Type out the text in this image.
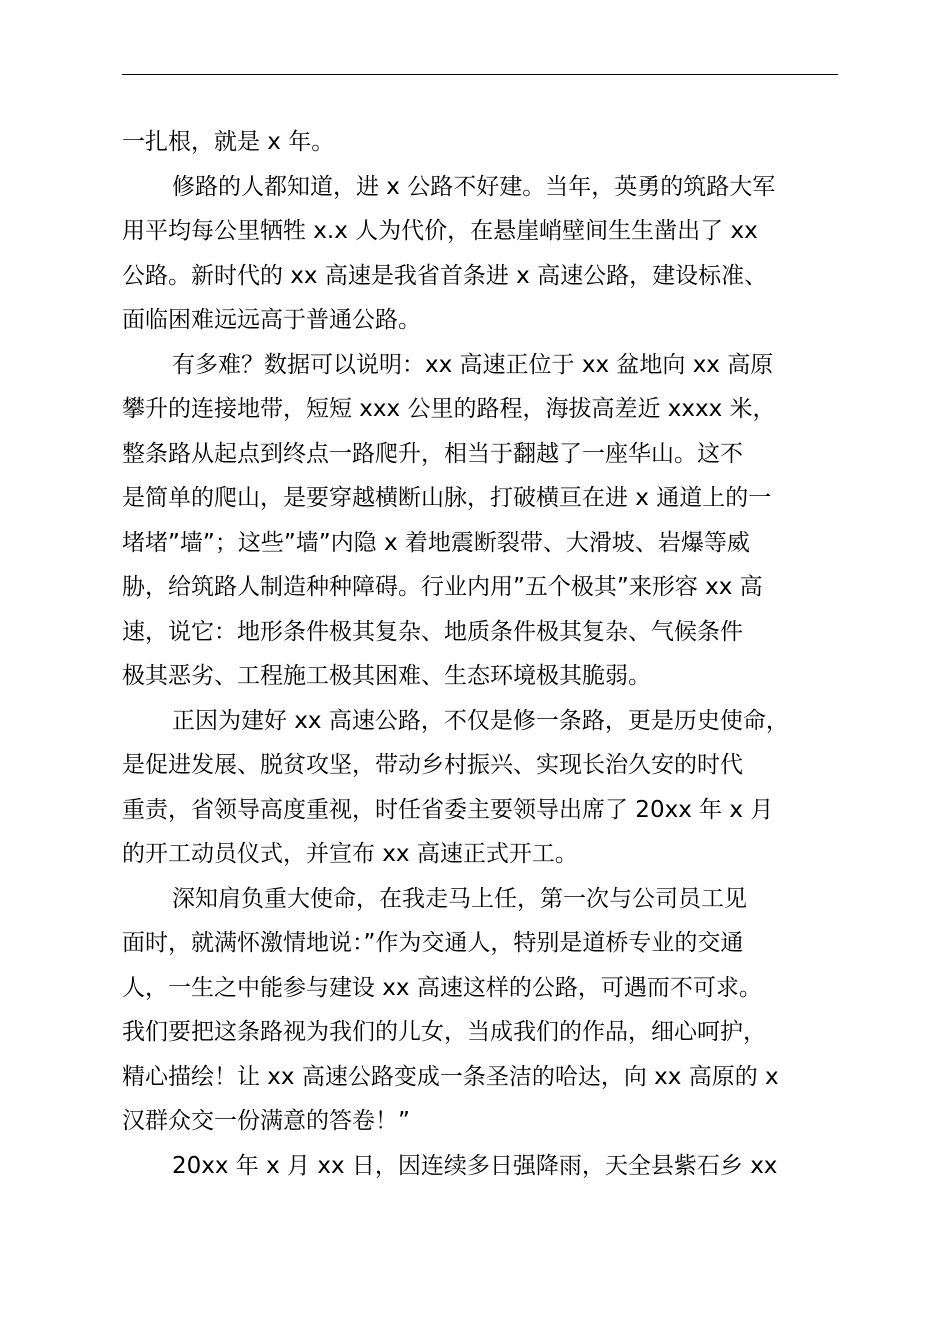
一扎根，就是 x 年。
修路的人都知道，进 x 公路不好建。当年，英勇的筑路大军
用平均每公里牺牲 x.x 人为代价，在悬崖峭壁间生生凿出了 xx
公路。新时代的 xx 高速是我省首条进 x 高速公路，建设标准、
面临困难远远高于普通公路。
有多难？数据可以说明：xx 高速正位于 xx 盆地向 xx 高原
攀升的连接地带，短短 xxx 公里的路程，海拔高差近 xxxx 米，
整条路从起点到终点一路爬升，相当于翻越了一座华山。这不
是简单的爬山，是要穿越横断山脉，打破横亘在进 x 通道上的一
堵堵”墙”；这些”墙”内隐 x 着地震断裂带、大滑坡、岩爆等威
胁，给筑路人制造种种障碍。行业内用”五个极其”来形容 xx 高
速，说它：地形条件极其复杂、地质条件极其复杂、气候条件
极其恶劣、工程施工极其困难、生态环境极其脆弱。
正因为建好 xx 高速公路，不仅是修一条路，更是历史使命，
是促进发展、脱贫攻坚，带动乡村振兴、实现长治久安的时代
重责，省领导高度重视，时任省委主要领导出席了 20xx 年 x 月
的开工动员仪式，并宣布 xx 高速正式开工。
深知肩负重大使命，在我走马上任，第一次与公司员工见
面时，就满怀激情地说：”作为交通人，特别是道桥专业的交通
人，一生之中能参与建设 xx 高速这样的公路，可遇而不可求。
我们要把这条路视为我们的儿女，当成我们的作品，细心呵护，
精心描绘！让 xx 高速公路变成一条圣洁的哈达，向 xx 高原的 x
汉群众交一份满意的答卷！”
20xx 年 x 月 xx 日，因连续多日强降雨，天全县紫石乡 xx
